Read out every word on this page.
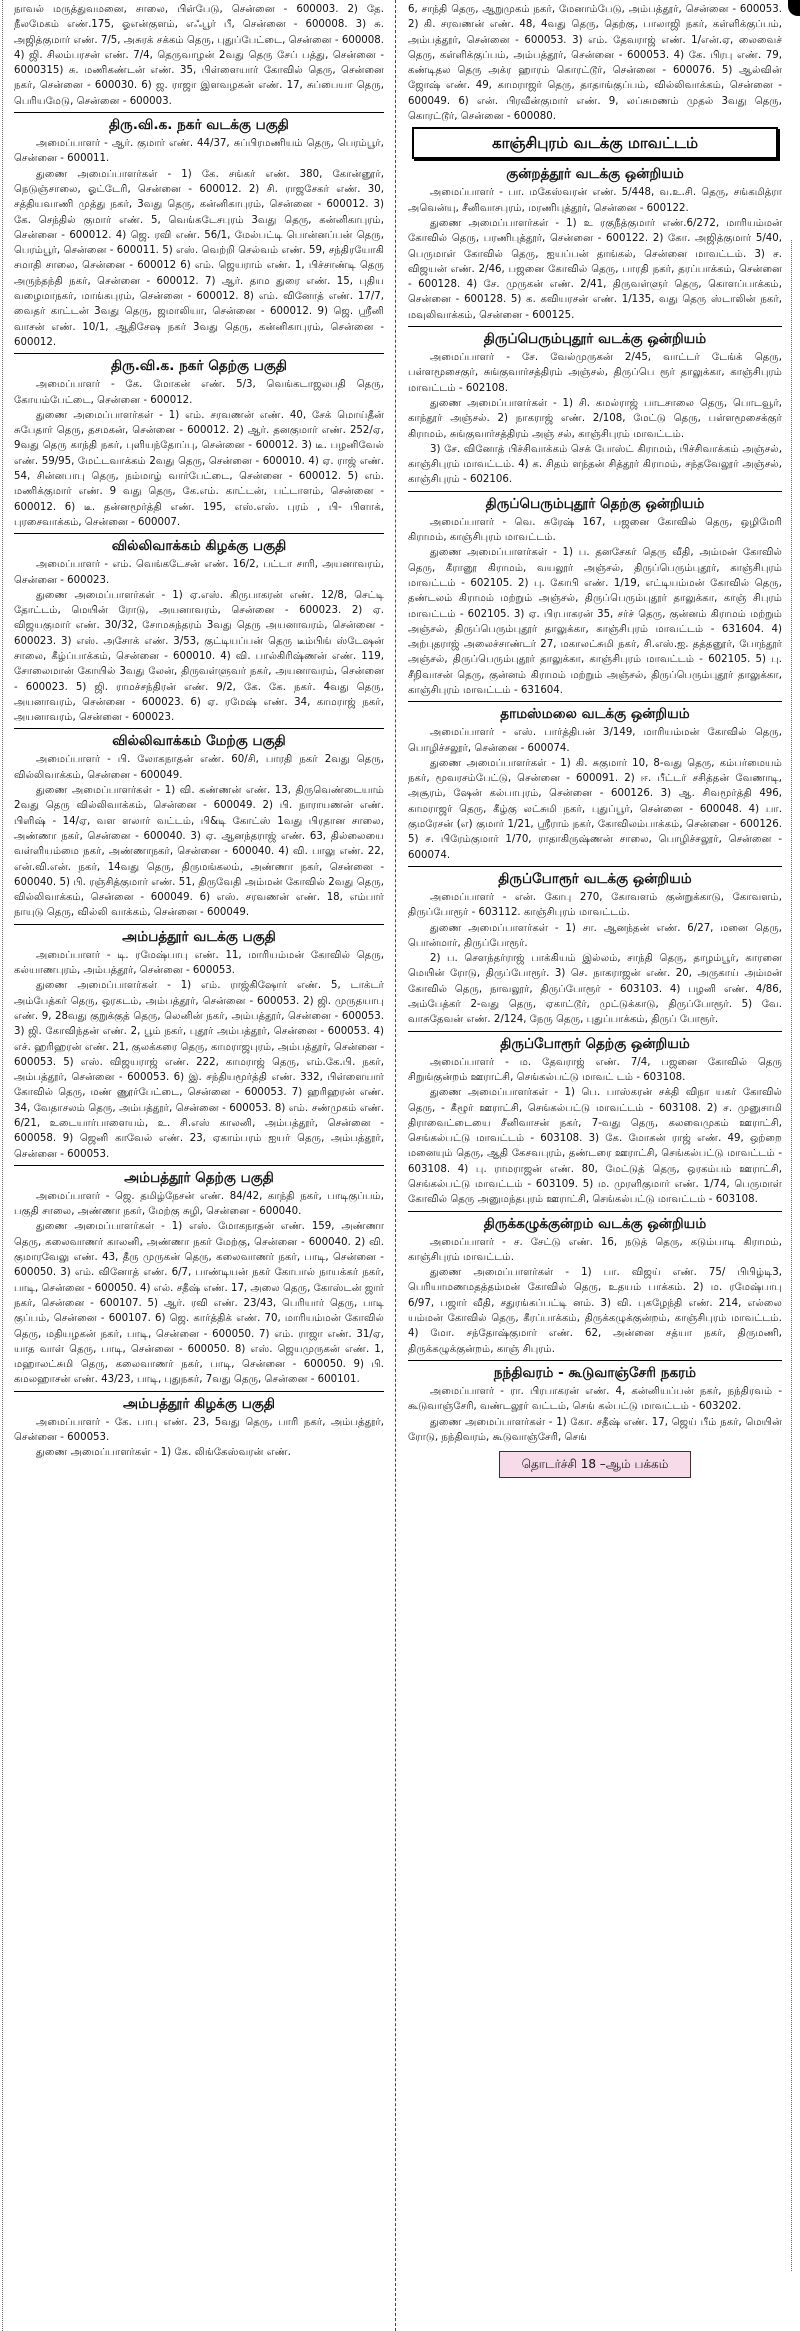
நாவல் மருத்துவமனை, சாலை, பிள்பேடு, சென்னை - 600003. 2) தே. நீலமேகம் எண்.175, ஓஎன்குளம், எஃபூர் பீ, சென்னை - 600008. 3) சு. அஜித்குமார் எண். 7/5, அசுரக் சக்கம் தெரு, புதுப்பேட்டை, சென்னை - 600008. 4) ஜி. சிலம்பரசன் எண். 7/4, தெருவாழன் 2வது தெரு சேப் பத்து, சென்னை - 6000315) சு. மணிகண்டன் எண். 35, பிள்ளையார் கோவில் தெரு, சென்னை நகர், சென்னை - 600030. 6) ஜ. ராஜா இளவழகன் எண். 17, சுப்பையா தெரு, பெரியமேடு, சென்னை - 600003.

திரு.வி.க. நகர் வடக்கு பகுதி

அமைப்பாளர் - ஆர். குமார் எண். 44/37, சுப்பிரமணியம் தெரு, பெரம்பூர், சென்னை - 600011.

துணை அமைப்பாளர்கள் - 1) கே. சங்கர் எண். 380, கோன்னூர், நெடுஞ்சாலை, ஓட்டேரி, சென்னை - 600012. 2) சி. ராஜசேகர் எண். 30, சத்தியவாணி முத்து நகர், 3வது தெரு, கன்னிகாபுரம், சென்னை - 600012. 3) கே. செந்தில் குமார் எண். 5, வெங்கடேசபுரம் 3வது தெரு, கன்னிகாபுரம், சென்னை - 600012. 4) ஜெ. ரவி எண். 56/1, மேல்பட்டி பொன்னப்பன் தெரு, பெரம்பூர், சென்னை - 600011. 5) எஸ். வெற்றி செல்வம் எண். 59, சந்திரயோகி சமாதி சாலை, சென்னை - 600012 6) எம். ஜெயராம் எண். 1, பிச்சாண்டி தெரு அருந்தந்தி நகர், சென்னை - 600012. 7) ஆர். தாம துரை எண். 15, புதிய வழைமாநகர், மாங்கபுரம், சென்னை - 600012. 8) எம். வினோத் எண். 17/7, வைதர் காட்டன் 3வது தெரு, ஜமாலியா, சென்னை - 600012. 9) ஜெ. ஸ்ரீனி வாசன் எண். 10/1, ஆதிசேஷ நகர் 3வது தெரு, கன்னிகாபுரம், சென்னை - 600012.

திரு.வி.க. நகர் தெற்கு பகுதி

அமைப்பாளர் - கே. மோகன் எண். 5/3, வெங்கடாஜலபதி தெரு, கோயம்பேட்டை, சென்னை - 600012.

துணை அமைப்பாளர்கள் - 1) எம். சரவணன் எண். 40, சேக் மொய்தீன் சுபேதார் தெரு, தசமகன், சென்னை - 600012. 2) ஆர். தனகுமார் எண். 252/ஏ, 9வது தெரு காந்தி நகர், புளியந்தோப்பு, சென்னை - 600012. 3) டீ. பழனிவேல் எண். 59/95, மேட்டவாக்கம் 2வது தெரு, சென்னை - 600010. 4) ஏ. ராஜ் எண். 54, சின்னபாபு தெரு, நம்மாழ் வார்பேட்டை, சென்னை - 600012. 5) எம். மணிக்குமார் எண். 9 வது தெரு, கே.எம். காட்டன், பட்டாளம், சென்னை - 600012. 6) டீ. தன்னமூர்த்தி எண். 195, எஸ்.எஸ். புரம் , பி- பிளாக், புரசைவாக்கம், சென்னை - 600007.

வில்லிவாக்கம் கிழக்கு பகுதி

அமைப்பாளர் - எம். வெங்கடேசன் எண். 16/2, பட்டா சாரி, அயனாவரம், சென்னை - 600023.

துணை அமைப்பாளர்கள் - 1) ஏ.எஸ். கிருபாகரன் எண். 12/8, செட்டி தோட்டம், மெயின் ரோடு, அயனாவரம், சென்னை - 600023. 2) ஏ. விஜயகுமார் எண். 30/32, சோமசுந்தரம் 3வது தெரு அயனாவரம், சென்னை - 600023. 3) எஸ். அசோக் எண். 3/53, குட்டியப்பன் தெரு டீம்பிங் ஸ்டேஷன் சாலை, கீழ்ப்பாக்கம், சென்னை - 600010. 4) வி. பால்கிரிஷ்ணன் எண். 119, சோலைமான் கோயில் 3வது லேன், திருவள்ளுவர் நகர், அயனாவரம், சென்னை - 600023. 5) ஜி. ராமச்சந்திரன் எண். 9/2, கே. கே. நகர். 4வது தெரு, அயனாவரம், சென்னை - 600023. 6) ஏ. ரமேஷ் எண். 34, காமராஜ் நகர், அயனாவரம், சென்னை - 600023.

வில்லிவாக்கம் மேற்கு பகுதி

அமைப்பாளர் - பி. லோகநாதன் எண். 60/சி, பாரதி நகர் 2வது தெரு, வில்லிவாக்கம், சென்னை - 600049.

துணை அமைப்பாளர்கள் - 1) வி. கண்ணன் எண். 13, திருவெண்டையாம் 2வது தெரு வில்லிவாக்கம், சென்னை - 600049. 2) பி. நாராயணன் எண். பிளிஷ் - 14/ஏ, வள ளலார் வட்டம், பி&டி கோட்ஸ் 1வது பிரதான சாலை, அண்ணா நகர், சென்னை - 600040. 3) ஏ. ஆனந்தராஜ் எண். 63, தில்லையை வள்ளியம்மை நகர், அண்ணாநகர், சென்னை - 600040. 4) வி. பாலு எண். 22, என்.வி.என். நகர், 14வது தெரு, திருமங்கலம், அண்ணா நகர், சென்னை - 600040. 5) பி. ரஞ்சித்குமார் எண். 51, திருவேதி அம்மன் கோவில் 2வது தெரு, வில்லிவாக்கம், சென்னை - 600049. 6) எஸ். சரவணன் எண். 18, எம்பார் நாயுடு தெரு, வில்லி வாக்கம், சென்னை - 600049.

அம்பத்தூர் வடக்கு பகுதி

அமைப்பாளர் - டி. ரமேஷ்பாபு எண். 11, மாரியம்மன் கோவில் தெரு, கல்யாணபுரம், அம்பத்தூர், சென்னை - 600053.

துணை அமைப்பாளர்கள் - 1) எம். ராஜ்கிஷோர் எண். 5, டாக்டர் அம்பேத்கர் தெரு, ஒரகடம், அம்பத்தூர், சென்னை - 600053. 2) ஜி. முருதயாபு எண். 9, 28வது குறுக்குத் தெரு, லெனின் நகர், அம்பத்தூர், சென்னை - 600053. 3) ஜி. கோவிந்தன் எண். 2, பூம் நகர், புதூர் அம்பத்தூர், சென்னை - 600053. 4) எச். ஹரிஹரன் எண். 21, குலக்கரை தெரு, காமராஜபுரம், அம்பத்தூர், சென்னை - 600053. 5) எஸ். விஜயராஜ் எண். 222, காமராஜ் தெரு, எம்.கே.பி. நகர், அம்பத்தூர், சென்னை - 600053. 6) இ. சந்தியமூர்த்தி எண். 332, பிள்ளையார் கோவில் தெரு, மண் ணூர்பேட்டை, சென்னை - 600053. 7) ஹரிஹரன் எண். 34, வேதாசலம் தெரு, அம்பத்தூர், சென்னை - 600053. 8) எம். சண்முகம் எண். 6/21, உடையார்பாளையம், உ. சி.எஸ் காலனி, அம்பத்தூர், சென்னை - 600058. 9) ஜெனி காவேல் எண். 23, ஏகாம்பரம் ஐயர் தெரு, அம்பத்தூர், சென்னை - 600053.

அம்பத்தூர் தெற்கு பகுதி

அமைப்பாளர் - ஜெ. தமிழ்நேசன் எண். 84/42, காந்தி நகர், பாடிகுப்பம், பகுதி சாலை, அண்ணா நகர், மேற்கு சுழி, சென்னை - 600040.

துணை அமைப்பாளர்கள் - 1) எஸ். மோகநாதன் எண். 159, அண்ணா தெரு, கலைவாணர் காலனி, அண்ணா நகர் மேற்கு, சென்னை - 600040. 2) வி. குமாரவேலு எண். 43, தீரு முருகன் தெரு, கலைவாணர் நகர், பாடி, சென்னை - 600050. 3) எம். வினோத் எண். 6/7, பாண்டியன் நகர் கோபால் நாயக்கர் நகர், பாடி, சென்னை - 600050. 4) எல். சதீஷ் எண். 17, அலை தெரு, கோஸ்டன் ஜார் நகர், சென்னை - 600107. 5) ஆர். ரவி எண். 23/43, பெரியார் தெரு, பாடி குப்பம், சென்னை - 600107. 6) ஜெ. கார்த்திக் எண். 70, மாரியம்மன் கோவில் தெரு, மதியழகன் நகர், பாடி, சென்னை - 600050. 7) எம். ராஜா எண். 31/ஏ, யாத வாள் தெரு, பாடி, சென்னை - 600050. 8) எஸ். ஜெயமுருகன் எண். 1, மஹாலட்சுமி தெரு, கலைவாணர் நகர், பாடி, சென்னை - 600050. 9) பி. கமலஹாசன் எண். 43/23, பாடி, புதுநகர், 7வது தெரு, சென்னை - 600101.

அம்பத்தூர் கிழக்கு பகுதி

அமைப்பாளர் - கே. பாபு எண். 23, 5வது தெரு, பாரி நகர், அம்பத்தூர், சென்னை - 600053.

துணை அமைப்பாளர்கள் - 1) கே. லிங்கேஸ்வரன் எண்.

6, சாந்தி தெரு, ஆறுமுகம் நகர், மேனாம்பேடு, அம்பத்தூர், சென்னை - 600053. 2) கி. சரவணன் எண். 48, 4வது தெரு, தெற்கு, பாலாஜி நகர், கள்ளிக்குப்பம், அம்பத்தூர், சென்னை - 600053. 3) எம். தேவராஜ் எண். 1/என்.ஏ, லைவைச் தெரு, கள்ளிக்குப்பம், அம்பத்தூர், சென்னை - 600053. 4) கே. பிரபு எண். 79, கண்டிதல தெரு அக்ர ஹாரம் கொரட்டூர், சென்னை - 600076. 5) ஆல்வின் ஜோஷ் எண். 49, காமராஜர் தெரு, தாதாங்குப்பம், வில்லிவாக்கம், சென்னை - 600049. 6) என். பிரவீன்குமார் எண். 9, லப்சுமணம் முதல் 3வது தெரு, கொரட்டூர், சென்னை - 600080.

காஞ்சிபுரம் வடக்கு மாவட்டம்
குன்றத்தூர் வடக்கு ஒன்றியம்

அமைப்பாளர் - பா. மகேஸ்வரன் எண். 5/448, வ.உ.சி. தெரு, சங்கமித்ரா அவென்யு, சீனிவாசபுரம், மரணிபுத்தூர், சென்னை - 600122.

துணை அமைப்பாளர்கள் - 1) உ ரகுநீத்குமார் எண்.6/272, மாரியம்மன் கோவில் தெரு, பரணிபுத்தூர், சென்னை - 600122. 2) கோ. அஜித்குமார் 5/40, பெருமாள் கோவில் தெரு, ஐயப்பன் தாங்கல், சென்னை மாவட்டம். 3) ச. விஜயன் எண். 2/46, பஜனை கோவில் தெரு, பாரதி நகர், தரப்பாக்கம், சென்னை - 600128. 4) சே. முருகன் எண். 2/41, திருவள்ளுர் தெரு, கொளப்பாக்கம், சென்னை - 600128. 5) க. கவியரசன் எண். 1/135, வது தெரு ஸ்டாலின் நகர், மவுலிவாக்கம், சென்னை - 600125.

திருப்பெரும்புதூர் வடக்கு ஒன்றியம்

அமைப்பாளர் - சே. வேல்முருகன் 2/45, வாட்டர் டேங்க் தெரு, பள்ளமூசைகுர், சுங்குவார்சத்திரம் அஞ்சல், திருப்பெ ரூர் தாலுக்கா, காஞ்சிபுரம் மாவட்டம் - 602108.

துணை அமைப்பாளர்கள் - 1) சி. கமல்ராஜ் பாடசாலை தெரு, பொடவூர், காந்தூர் அஞ்சல். 2) நாகராஜ் எண். 2/108, மேட்டு தெரு, பள்ளமூசைக்குர் கிராமம், சுங்குவார்சத்திரம் அஞ் சல், காஞ்சிபுரம் மாவட்டம்.

3) சே. வினோத் பிச்சிவாக்கம் செக் போஸ்ட் கிராமம், பிச்சிவாக்கம் அஞ்சல், காஞ்சிபுரம் மாவட்டம். 4) க. சிதம் ளந்தன் சித்தூர் கிராமம், சந்தவேலூர் அஞ்சல், காஞ்சிபுரம் - 602106.

திருப்பெரும்புதூர் தெற்கு ஒன்றியம்

அமைப்பாளர் - வெ. சுரேஷ் 167, பஜனை கோவில் தெரு, ஒழிமேரி கிராமம், காஞ்சிபுரம் மாவட்டம்.

துணை அமைப்பாளர்கள் - 1) ப. தனசேகர் தெரு வீதி, அம்மன் கோவில் தெரு, கீரானூ கிராமம், வயலூர் அஞ்சல், திருப்பெரும்புதூர், காஞ்சிபுரம் மாவட்டம் - 602105. 2) பு. கோபி எண். 1/19, எட்டியம்மன் கோவில் தெரு, தண்டலம் கிராமம் மற்றும் அஞ்சல், திருப்பெரும்புதூர் தாலுக்கா, காஞ் சிபுரம் மாவட்டம் - 602105. 3) ஏ. பிரபாகரன் 35, சர்ச் தெரு, குன்னம் கிராமம் மற்றும் அஞ்சல், திருப்பெரும்புதூர் தாலுக்கா, காஞ்சிபுரம் மாவட்டம் - 631604. 4) அற்புதராஜ் அலைச்சாண்டர் 27, மகாலட்சுமி நகர், சி.எஸ்.ஐ. தத்தனூர், போந்தூர் அஞ்சல், திருப்பெரும்புதூர் தாலுக்கா, காஞ்சிபுரம் மாவட்டம் - 602105. 5) பு. சீநிவாசன் தெரு, குன்னம் கிராமம் மற்றும் அஞ்சல், திருப்பெரும்புதூர் தாலுக்கா, காஞ்சிபுரம் மாவட்டம் - 631604.

தாமஸ்மலை வடக்கு ஒன்றியம்

அமைப்பாளர் - எஸ். பார்த்திபன் 3/149, மாரியம்மன் கோவில் தெரு, பொழிச்சலூர், சென்னை - 600074.

துணை அமைப்பாளர்கள் - 1) கி. சுகுமார் 10, 8-வது தெரு, கம்பர்மையம் நகர், மூவரசம்பேட்டு, சென்னை - 600091. 2) ஈ. பீட்டர் சசித்தன் வேணாடி, அசூரம், ஷேன் கல்பாபுரம், சென்னை - 600126. 3) ஆ. சிவமூர்த்தி 496, காமராஜர் தெரு, கீழ்கு லட்சுமி நகர், புதுப்பூர், சென்னை - 600048. 4) பா. குமரேசன் (எ) குமார் 1/21, ஸ்ரீராம் நகர், கோவிலம்பாக்கம், சென்னை - 600126. 5) ச. பிரேம்குமார் 1/70, ராதாகிருஷ்ணன் சாலை, பொழிச்சலூர், சென்னை - 600074.

திருப்போரூர் வடக்கு ஒன்றியம்

அமைப்பாளர் - என். கோபு 270, கோவளம் குன்றுக்காடு, கோவளம், திருப்போரூர் - 603112. காஞ்சிபுரம் மாவட்டம்.

துணை அமைப்பாளர்கள் - 1) சா. ஆனந்தன் எண். 6/27, மனை தெரு, பொன்மார், திருப்போரூர்.

2) ப. செளந்தர்ராஜ் பாக்கியம் இல்லம், சாந்தி தெரு, தாழம்பூர், காரனை மெயின் ரோடு, திருப்போரூர். 3) செ. நாகராஜன் எண். 20, அருகாய் அம்மன் கோவில் தெரு, நாவலூர், திருப்போரூர் - 603103. 4) பழனி எண். 4/86, அம்பேத்கர் 2-வது தெரு, ஏகாட்டூர், முட்டுக்காடு, திருப்போரூர். 5) வே. வாசுதேவன் எண். 2/124, நேரு தெரு, புதுப்பாக்கம், திருப் போரூர்.

திருப்போரூர் தெற்கு ஒன்றியம்

அமைப்பாளர் - ம. தேவராஜ் எண். 7/4, பஜனை கோவில் தெரு சிறுங்குன்றம் ஊராட்சி, செங்கல்பட்டு மாவட் டம் - 603108.

துணை அமைப்பாளர்கள் - 1) பெ. பாஸ்கரன் சக்தி விநா யகர் கோவில் தெரு, - கீழூர் ஊராட்சி, செங்கல்பட்டு மாவட்டம் - 603108. 2) ச. முனுசாமி திராவைட்டையை சீனிவாசன் நகர், 7-வது தெரு, கலவைமுகம் ஊராட்சி, செங்கல்பட்டு மாவட்டம் - 603108. 3) கே. மோகன் ராஜ் எண். 49, ஒற்றை மனையும் தெரு, ஆதி கேசவபுரம், தண்டரை ஊராட்சி, செங்கல்பட்டு மாவட்டம் - 603108. 4) பு. ராமராஜன் எண். 80, மேட்டுத் தெரு, ஒரகம்பம் ஊராட்சி, செங்கல்பட்டு மாவட்டம் - 603109. 5) ம. முரளிகுமார் எண். 1/74, பெருமாள் கோவில் தெரு அனுமந்தபுரம் ஊராட்சி, செங்கல்பட்டு மாவட்டம் - 603108.

திருக்கழுக்குன்றம் வடக்கு ஒன்றியம்

அமைப்பாளர் - ச. சேட்டு எண். 16, நடுத் தெரு, கடும்பாடி கிராமம், காஞ்சிபுரம் மாவட்டம்.

துணை அமைப்பாளர்கள் - 1) பா. விஜய் எண். 75/ பிபிழ்டி3, பெரியாமணமதத்தம்மன் கோவில் தெரு, உதயம் பாக்கம். 2) ம. ரமேஷ்பாபு 6/97, பஜார் வீதி, சதுரங்கப்பட்டி னம். 3) வி. புகழேந்தி எண். 214, எல்லை யம்மன் கோவில் தெரு, கீரப்பாக்கம், திருக்கழுக்குன்றம், காஞ்சிபுரம் மாவட்டம். 4) மோ. சந்தோஷ்குமார் எண். 62, அன்னை சத்யா நகர், திருமணி, திருக்கழுக்குன்றம், காஞ் சிபுரம்.

நந்திவரம் - கூடுவாஞ்சேரி நகரம்

அமைப்பாளர் - ரா. பிரபாகரன் எண். 4, கன்னியப்பன் நகர், நந்திரவம் - கூடுவாஞ்சேரி, வண்டலூர் வட்டம், செங் கல்பட்டு மாவட்டம் - 603202.

துணை அமைப்பாளர்கள் - 1) கோ. சதீஷ் எண். 17, ஜெய் பீம் நகர், மெயின் ரோடு, நந்திவரம், கூடுவாஞ்சேரி, செங்

தொடர்ச்சி 18 –ஆம் பக்கம்
